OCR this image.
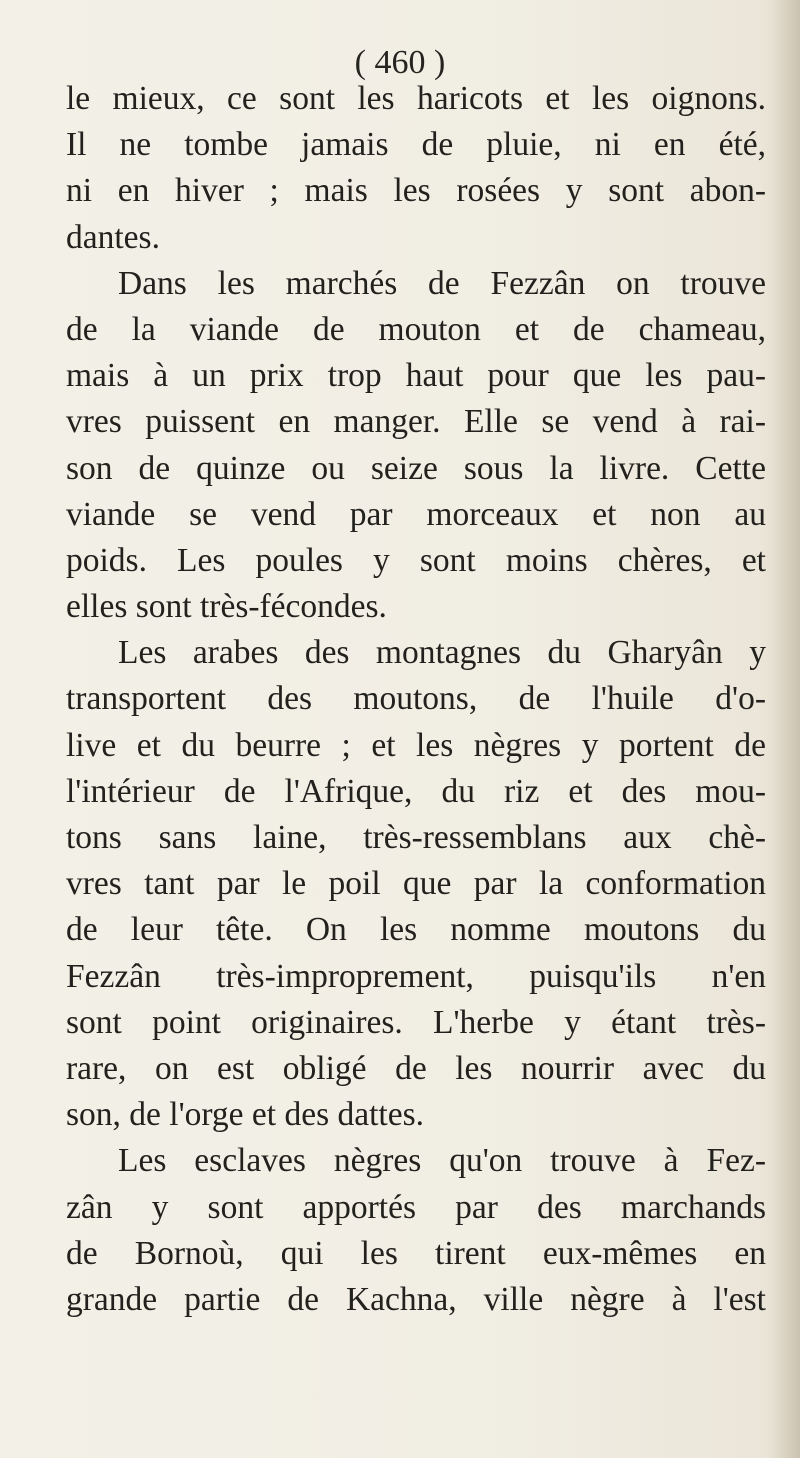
( 460 )
le mieux, ce sont les haricots et les oignons.
Il ne tombe jamais de pluie, ni en été,
ni en hiver ; mais les rosées y sont abon-
dantes.
Dans les marchés de Fezzân on trouve
de la viande de mouton et de chameau,
mais à un prix trop haut pour que les pau-
vres puissent en manger. Elle se vend à rai-
son de quinze ou seize sous la livre. Cette
viande se vend par morceaux et non au
poids. Les poules y sont moins chères, et
elles sont très-fécondes.
Les arabes des montagnes du Gharyân y
transportent des moutons, de l'huile d'o-
live et du beurre ; et les nègres y portent de
l'intérieur de l'Afrique, du riz et des mou-
tons sans laine, très-ressemblans aux chè-
vres tant par le poil que par la conformation
de leur tête. On les nomme moutons du
Fezzân très-improprement, puisqu'ils n'en
sont point originaires. L'herbe y étant très-
rare, on est obligé de les nourrir avec du
son, de l'orge et des dattes.
Les esclaves nègres qu'on trouve à Fez-
zân y sont apportés par des marchands
de Bornoù, qui les tirent eux-mêmes en
grande partie de Kachna, ville nègre à l'est
